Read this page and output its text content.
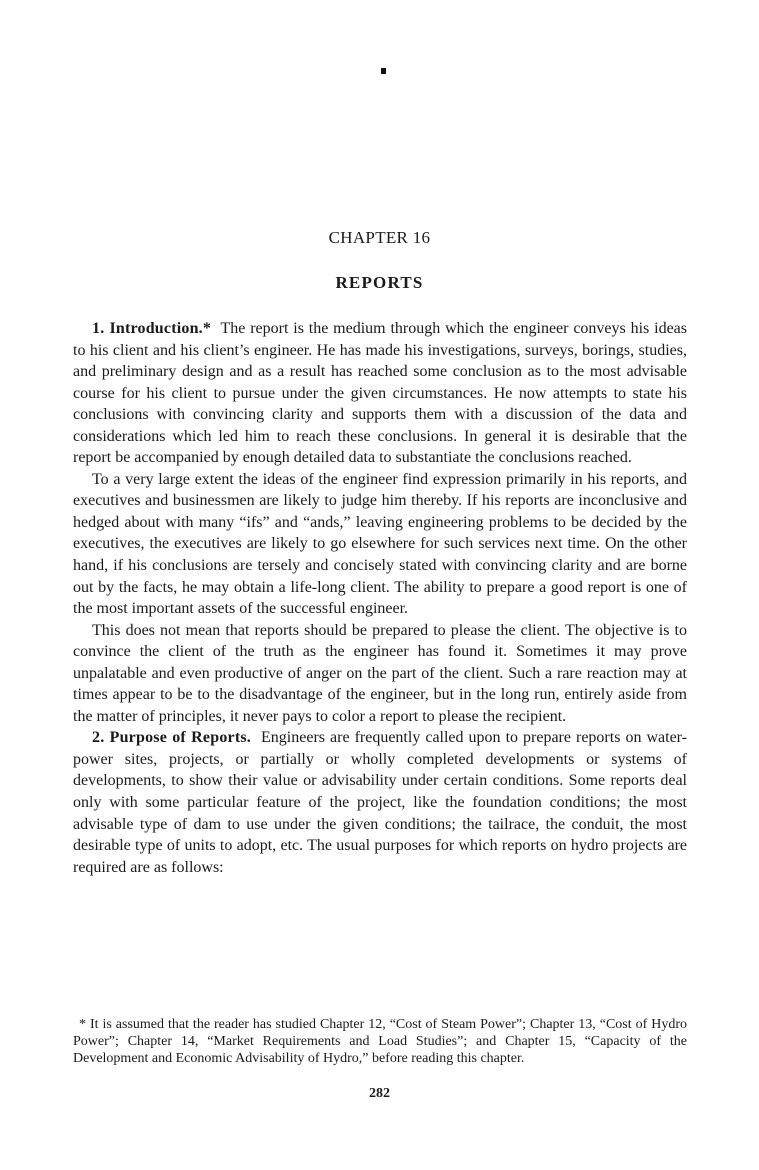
CHAPTER 16
REPORTS

1. Introduction.* The report is the medium through which the engineer conveys his ideas to his client and his client’s engineer. He has made his investigations, surveys, borings, studies, and preliminary design and as a result has reached some conclusion as to the most advisable course for his client to pursue under the given circumstances. He now attempts to state his conclusions with convincing clarity and supports them with a discussion of the data and considerations which led him to reach these conclusions. In general it is desirable that the report be accompanied by enough detailed data to substantiate the conclusions reached.

To a very large extent the ideas of the engineer find expression primarily in his reports, and executives and businessmen are likely to judge him thereby. If his reports are inconclusive and hedged about with many “ifs” and “ands,” leaving engineering problems to be decided by the executives, the executives are likely to go elsewhere for such services next time. On the other hand, if his conclusions are tersely and concisely stated with convincing clarity and are borne out by the facts, he may obtain a life-long client. The ability to prepare a good report is one of the most important assets of the successful engineer.

This does not mean that reports should be prepared to please the client. The objective is to convince the client of the truth as the engineer has found it. Sometimes it may prove unpalatable and even productive of anger on the part of the client. Such a rare reaction may at times appear to be to the disadvantage of the engineer, but in the long run, entirely aside from the matter of principles, it never pays to color a report to please the recipient.

2. Purpose of Reports. Engineers are frequently called upon to prepare reports on water-power sites, projects, or partially or wholly completed developments or systems of developments, to show their value or advisability under certain conditions. Some reports deal only with some particular feature of the project, like the foundation conditions; the most advisable type of dam to use under the given conditions; the tailrace, the conduit, the most desirable type of units to adopt, etc. The usual purposes for which reports on hydro projects are required are as follows:

* It is assumed that the reader has studied Chapter 12, “Cost of Steam Power”; Chapter 13, “Cost of Hydro Power”; Chapter 14, “Market Requirements and Load Studies”; and Chapter 15, “Capacity of the Development and Economic Advisability of Hydro,” before reading this chapter.
282
